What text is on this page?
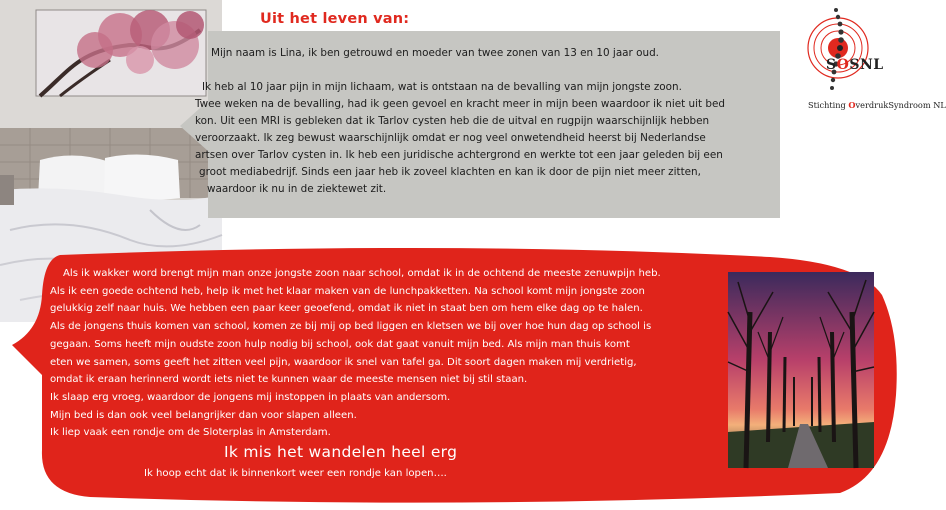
Uit het leven van:

Mijn naam is Lina, ik ben getrouwd en moeder van twee zonen van 13 en 10 jaar oud.

Ik heb al 10 jaar pijn in mijn lichaam, wat is ontstaan na de bevalling van mijn jongste zoon.

Twee weken na de bevalling, had ik geen gevoel en kracht meer in mijn been waardoor ik niet uit bed

kon. Uit een MRI is gebleken dat ik Tarlov cysten heb die de uitval en rugpijn waarschijnlijk hebben

veroorzaakt. Ik zeg bewust waarschijnlijk omdat er nog veel onwetendheid heerst bij Nederlandse

artsen over Tarlov cysten in. Ik heb een juridische achtergrond en werkte tot een jaar geleden bij een

groot mediabedrijf. Sinds een jaar heb ik zoveel klachten en kan ik door de pijn niet meer zitten,

waardoor ik nu in de ziektewet zit.

SOSNL
Stichting OverdrukSyndroom NL

Als ik wakker word brengt mijn man onze jongste zoon naar school, omdat ik in de ochtend de meeste zenuwpijn heb.

Als ik een goede ochtend heb, help ik met het klaar maken van de lunchpakketten. Na school komt mijn jongste zoon

gelukkig zelf naar huis. We hebben een paar keer geoefend, omdat ik niet in staat ben om hem elke dag op te halen.

Als de jongens thuis komen van school, komen ze bij mij op bed liggen en kletsen we bij over hoe hun dag op school is

gegaan. Soms heeft mijn oudste zoon hulp nodig bij school, ook dat gaat vanuit mijn bed. Als mijn man thuis komt

eten we samen, soms geeft het zitten veel pijn, waardoor ik snel van tafel ga. Dit soort dagen maken mij verdrietig,

omdat ik eraan herinnerd wordt iets niet te kunnen waar de meeste mensen niet bij stil staan.

Ik slaap erg vroeg, waardoor de jongens mij instoppen in plaats van andersom.

Mijn bed is dan ook veel belangrijker dan voor slapen alleen.

Ik liep vaak een rondje om de Sloterplas in Amsterdam.

Ik mis het wandelen heel erg
Ik hoop echt dat ik binnenkort weer een rondje kan lopen….
